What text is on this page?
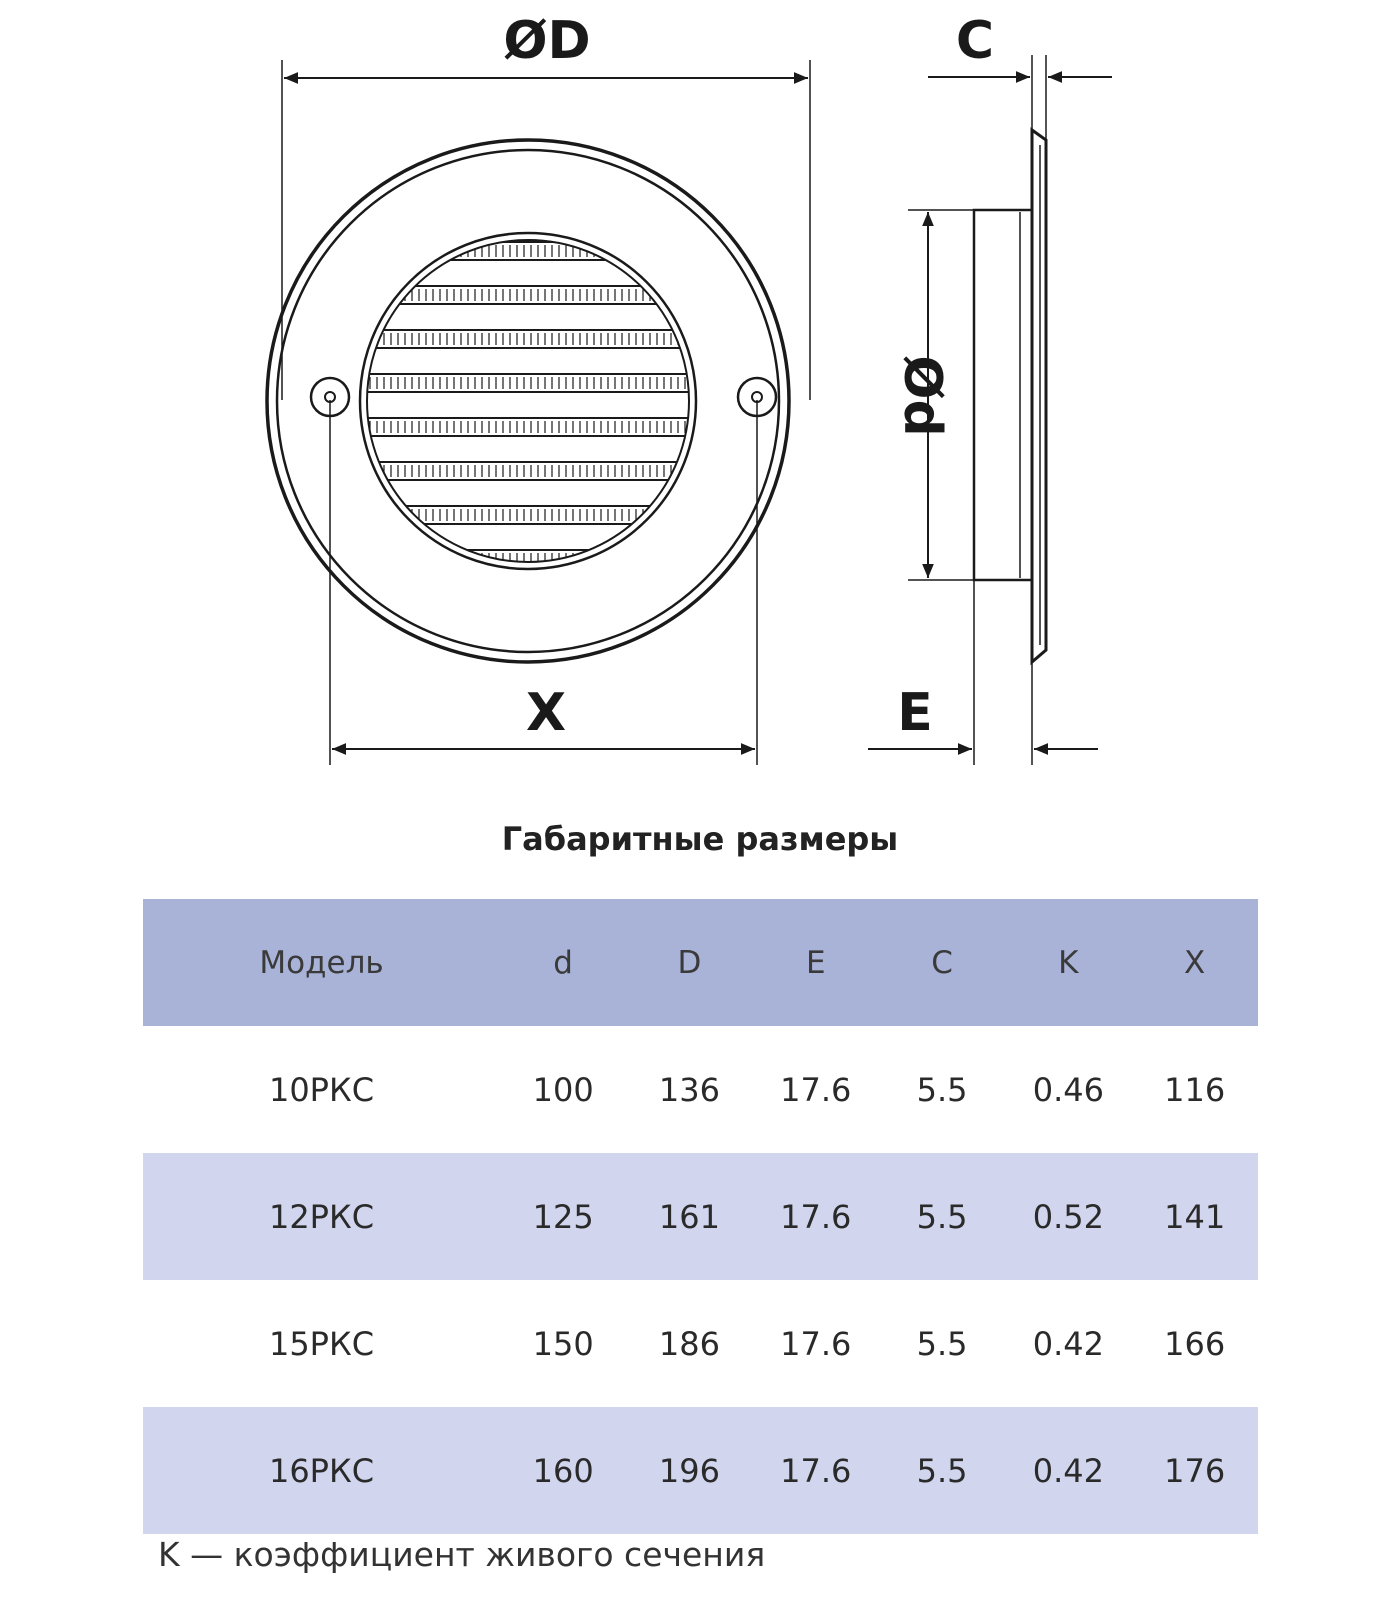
ØD
X
C
E
Ød
Габаритные размеры
Модель	d	D	E	C	K	X
10РКС	100	136	17.6	5.5	0.46	116
12РКС	125	161	17.6	5.5	0.52	141
15РКС	150	186	17.6	5.5	0.42	166
16РКС	160	196	17.6	5.5	0.42	176
K — коэффициент живого сечения
